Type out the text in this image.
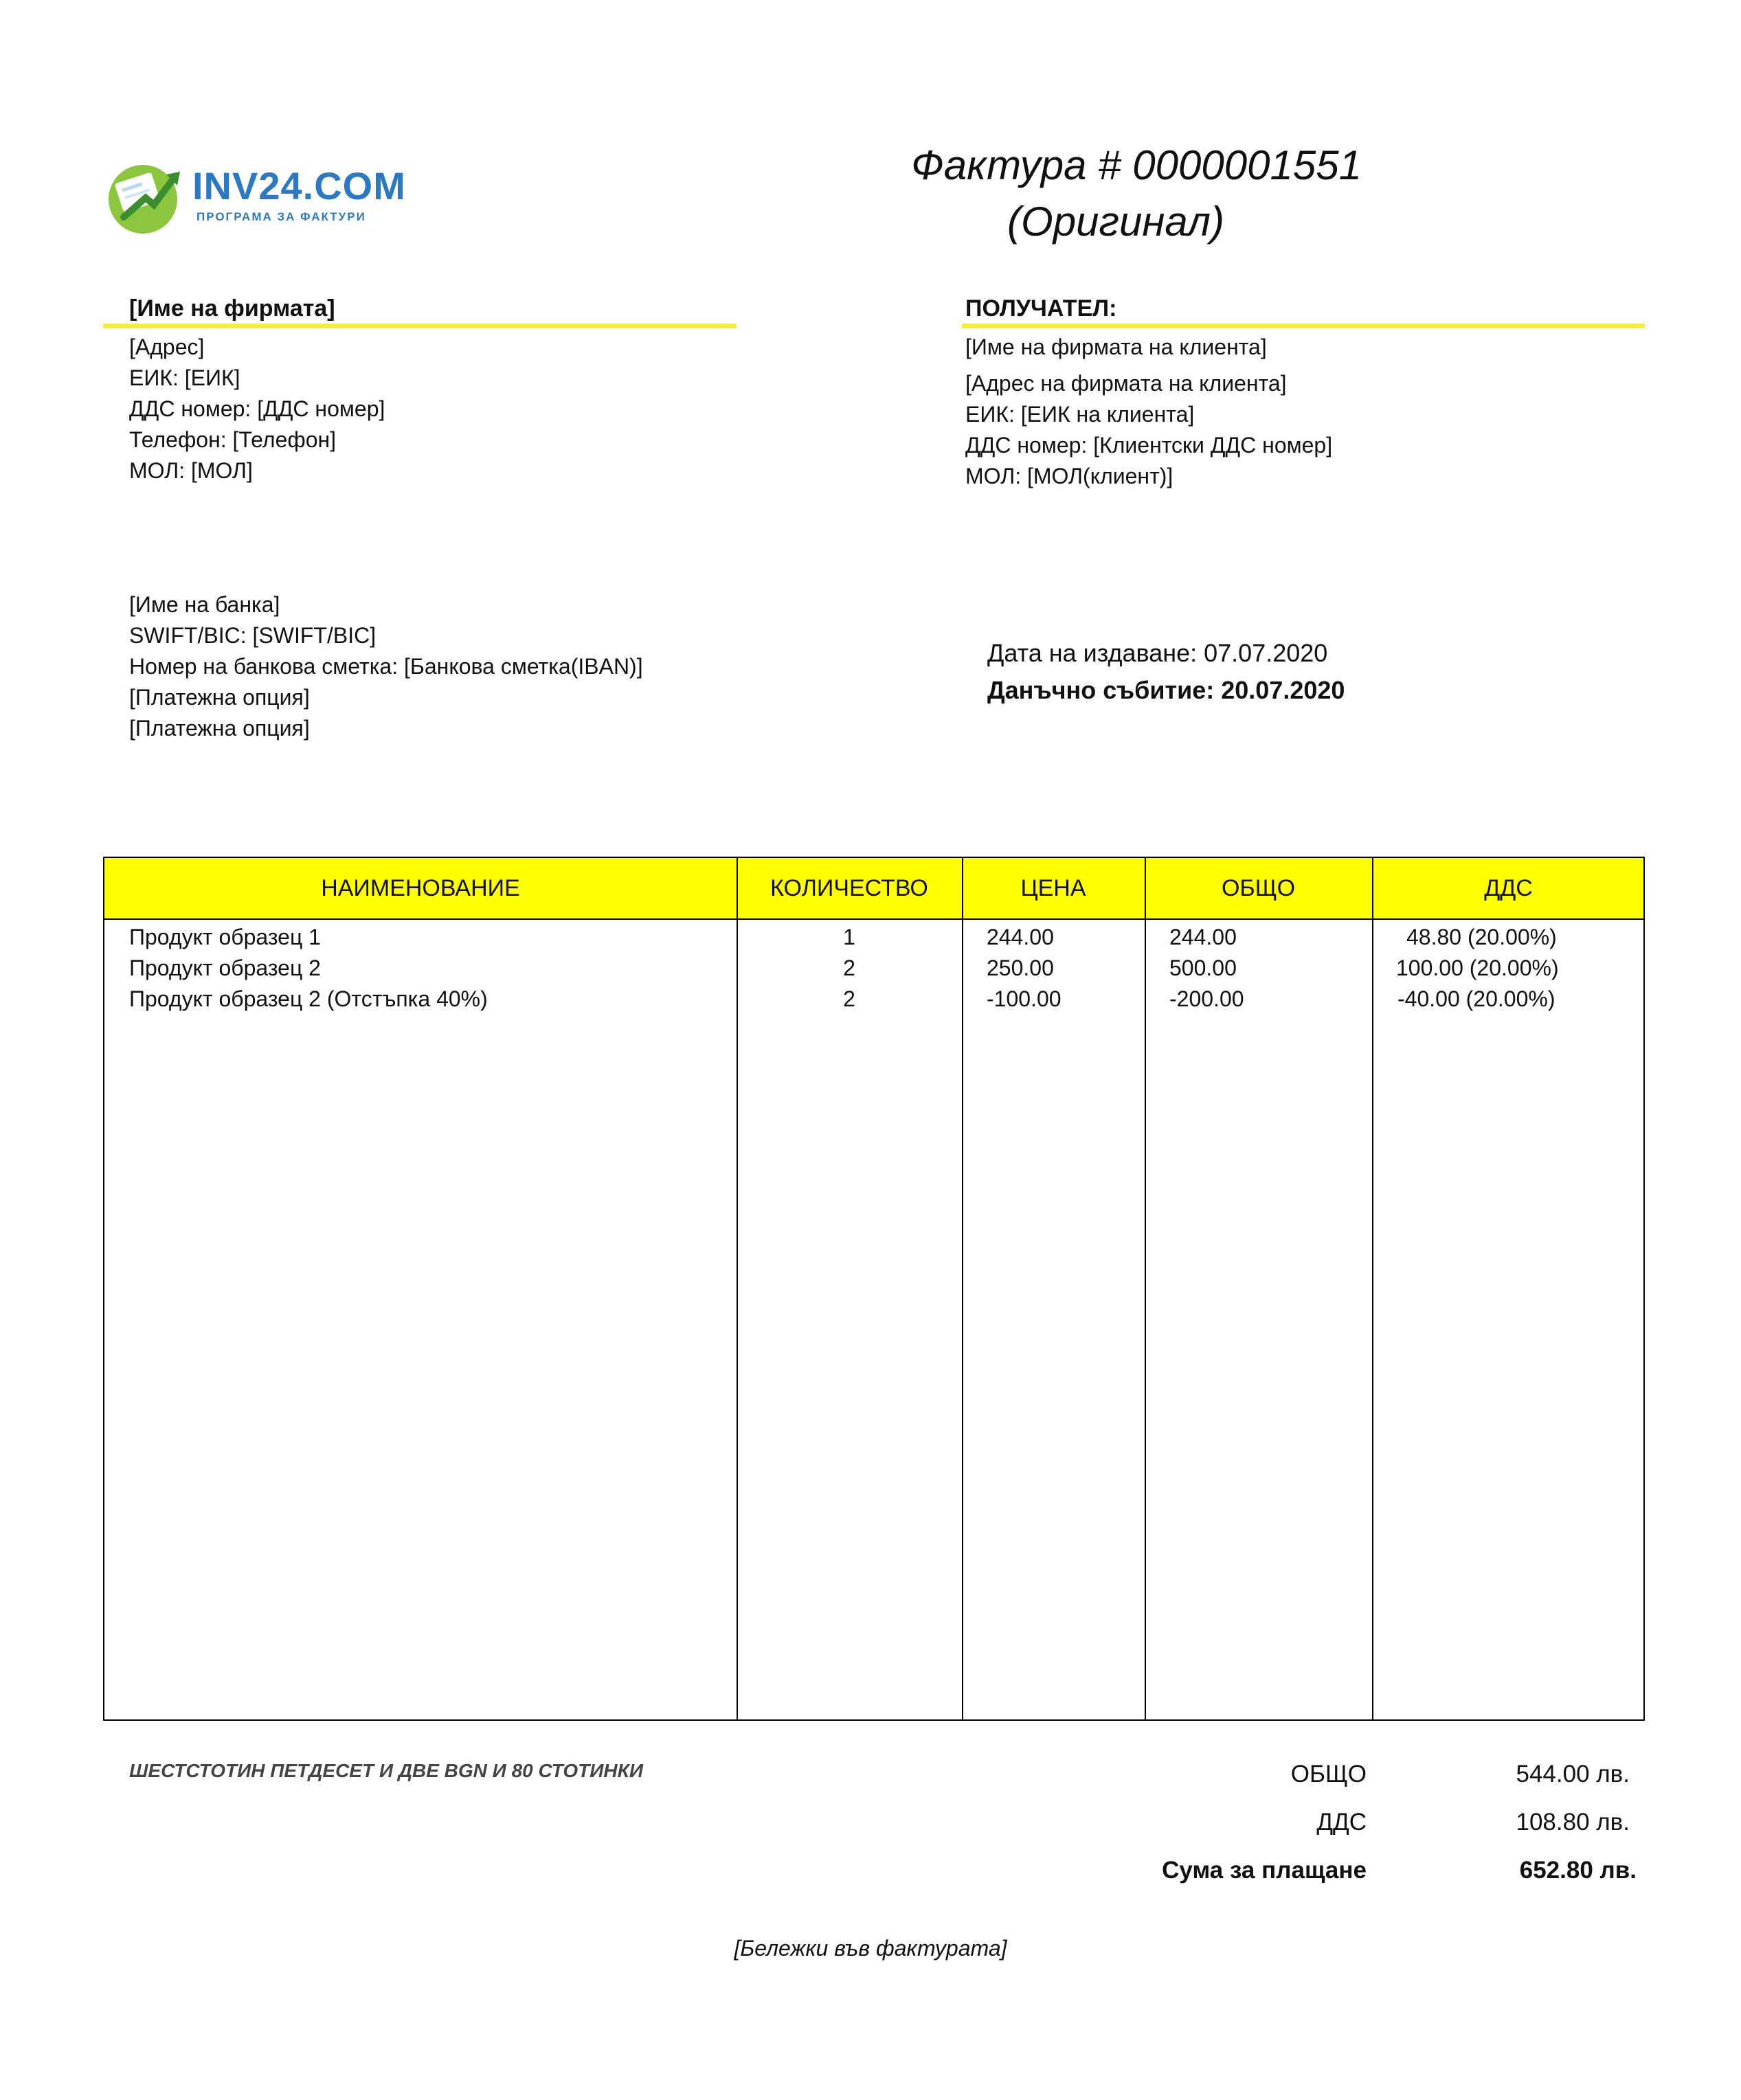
INV24.COM
ПРОГРАМА ЗА ФАКТУРИ
Фактура # 0000001551
(Оригинал)
[Име на фирмата]
[Адрес]
ЕИК: [ЕИК]
ДДС номер: [ДДС номер]
Телефон: [Телефон]
МОЛ: [МОЛ]
ПОЛУЧАТЕЛ:
[Име на фирмата на клиента]
[Адрес на фирмата на клиента]
ЕИК: [ЕИК на клиента]
ДДС номер: [Клиентски ДДС номер]
МОЛ: [МОЛ(клиент)]
[Име на банка]
SWIFT/BIC: [SWIFT/BIC]
Номер на банкова сметка: [Банкова сметка(IBAN)]
[Платежна опция]
[Платежна опция]
Дата на издаване: 07.07.2020
Данъчно събитие: 20.07.2020
НАИМЕНОВАНИЕ	КОЛИЧЕСТВО	ЦЕНА	ОБЩО	ДДС
Продукт образец 1	1	244.00	244.00	48.80 (20.00%)
Продукт образец 2	2	250.00	500.00	100.00 (20.00%)
Продукт образец 2 (Отстъпка 40%)	2	-100.00	-200.00	-40.00 (20.00%)
ШЕСТСТОТИН ПЕТДЕСЕТ И ДВЕ BGN И 80 СТОТИНКИ	ОБЩО	544.00 лв.
ДДС	108.80 лв.
Сума за плащане	652.80 лв.
[Бележки във фактурата]
